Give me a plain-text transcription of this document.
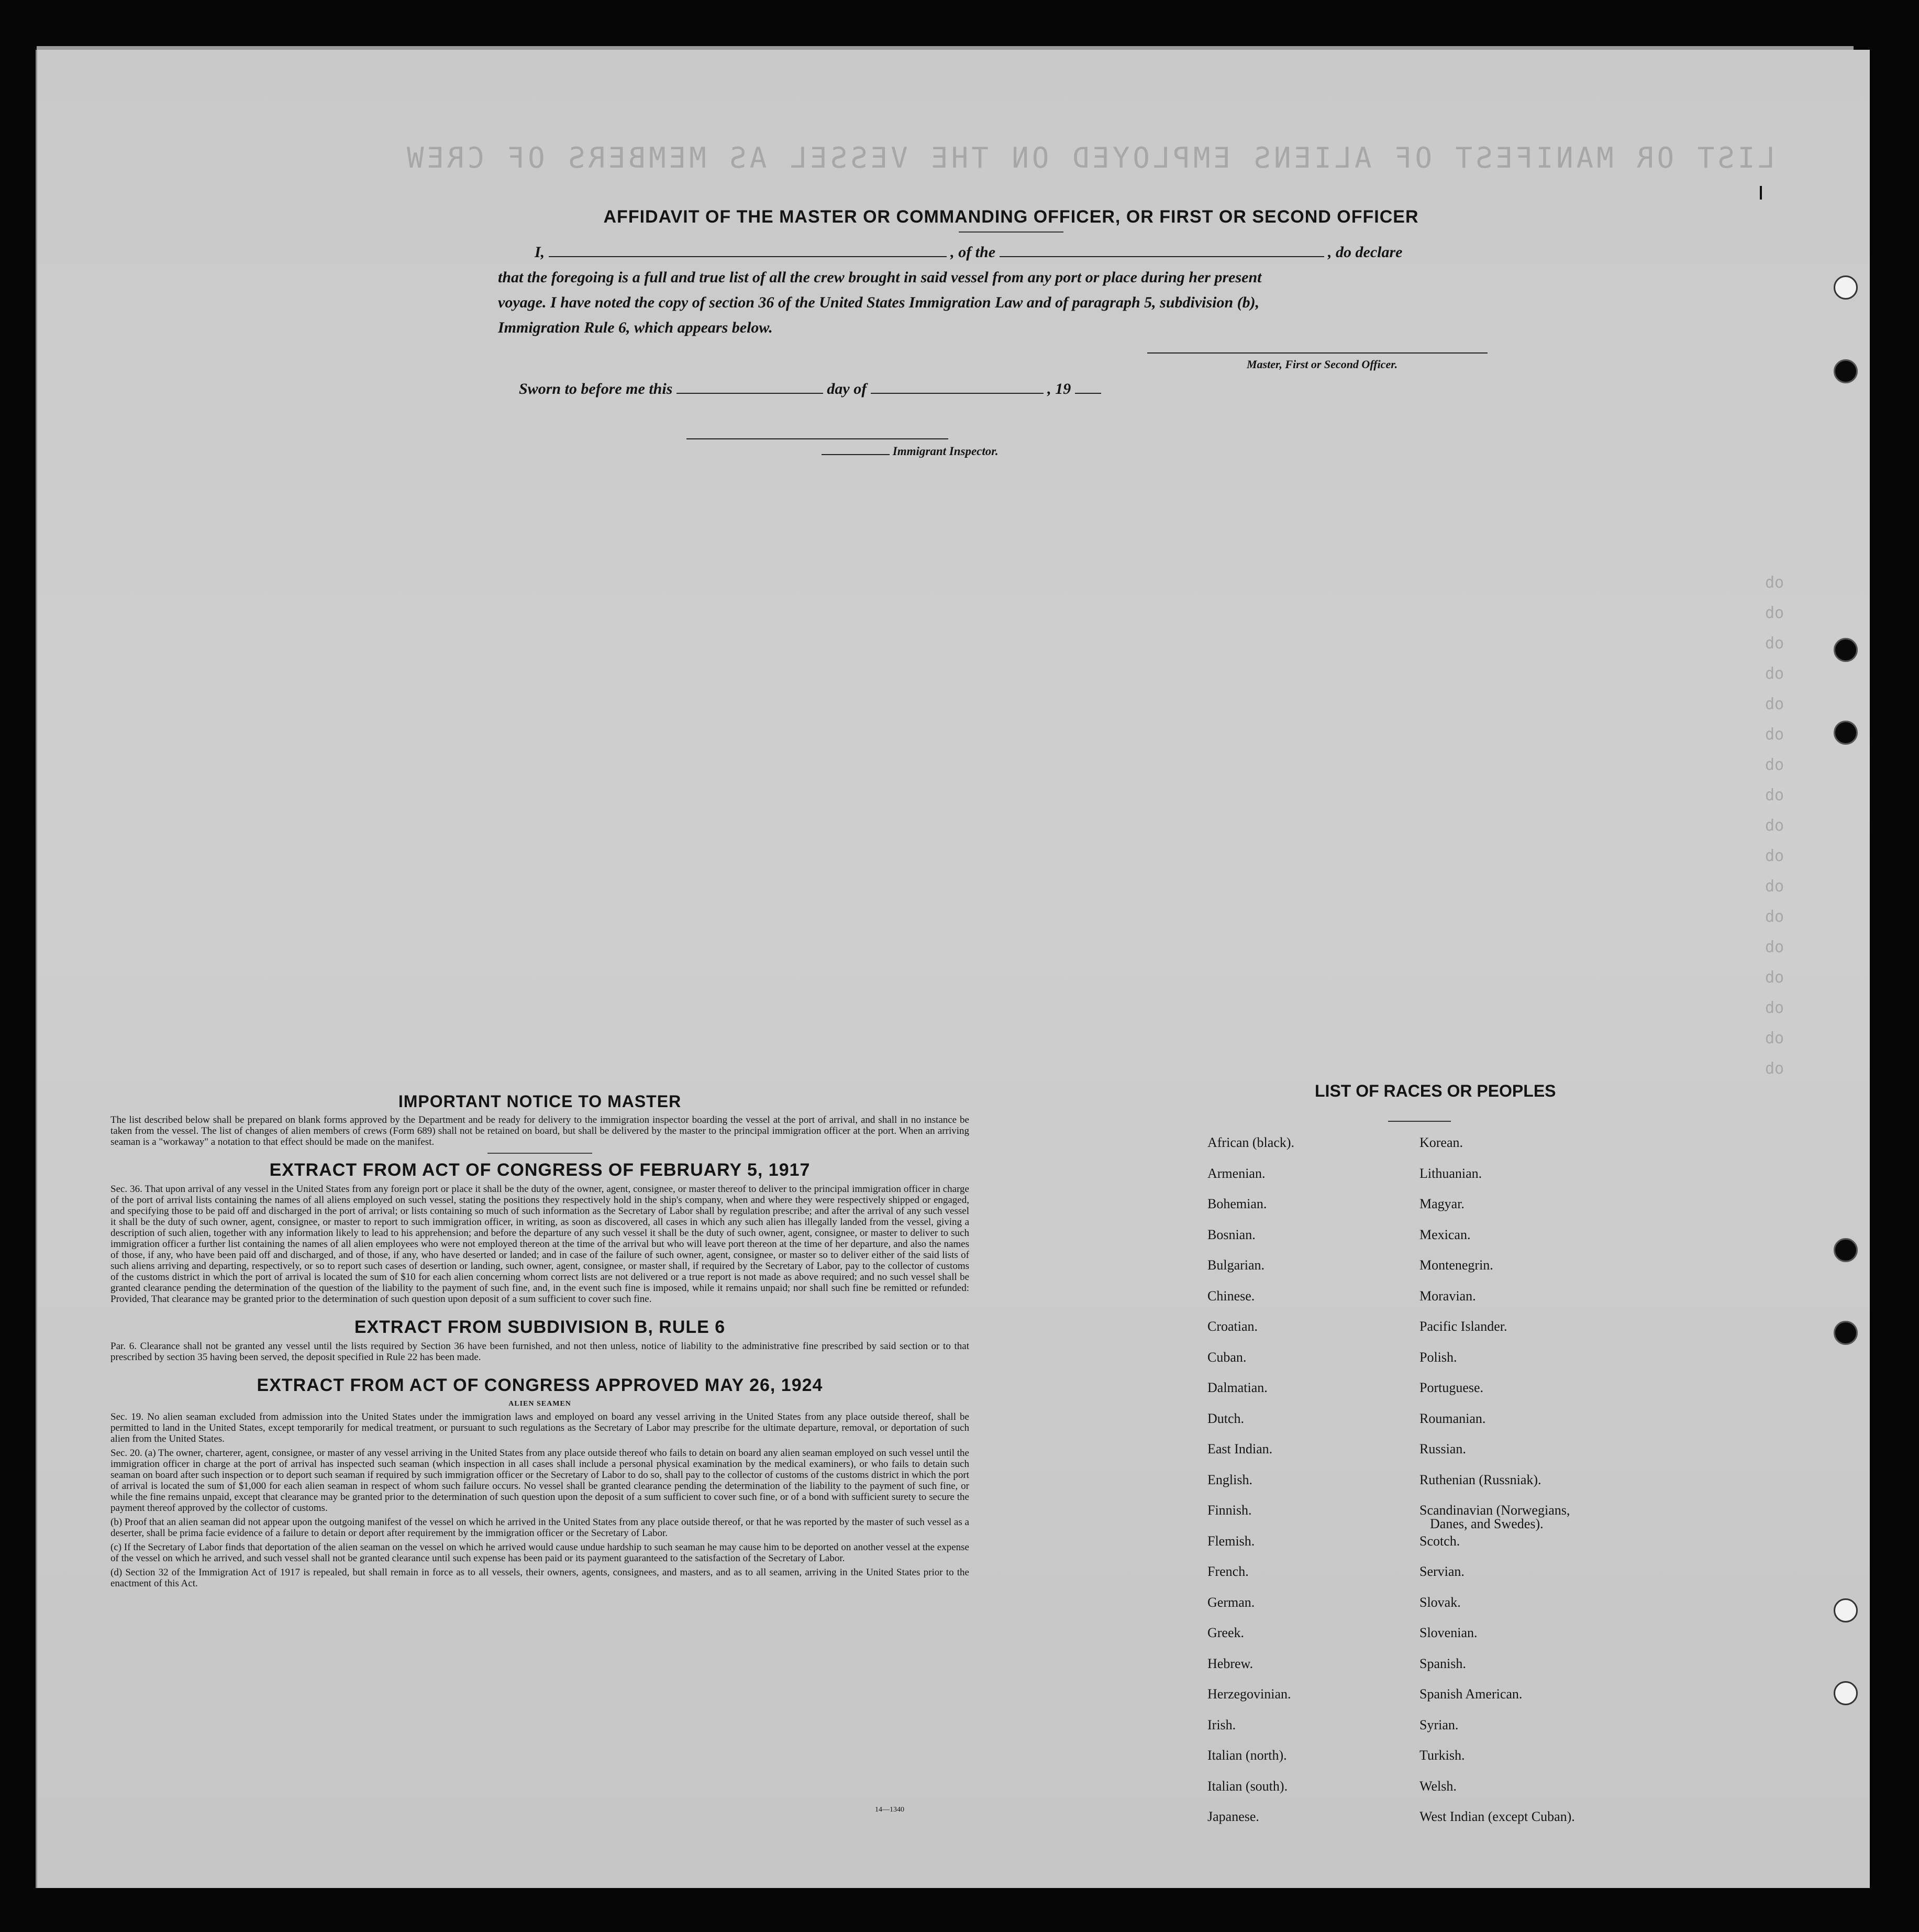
LIST OR MANIFEST OF ALIENS EMPLOYED ON THE VESSEL AS MEMBERS OF CREW
do
do
do
do
do
do
do
do
do
do
do
do
do
do
do
do
do
AFFIDAVIT OF THE MASTER OR COMMANDING OFFICER, OR FIRST OR SECOND OFFICER
I,	, of the	, do declare
that the foregoing is a full and true list of all the crew brought in said vessel from any port or place during her present
voyage. I have noted the copy of section 36 of the United States Immigration Law and of paragraph 5, subdivision (b),
Immigration Rule 6, which appears below.
Master, First or Second Officer.
Sworn to before me this	day of	, 19
Immigrant Inspector.

IMPORTANT NOTICE TO MASTER

The list described below shall be prepared on blank forms approved by the Department and be ready for delivery to the immigration inspector boarding the vessel at the port of arrival, and shall in no instance be taken from the vessel. The list of changes of alien members of crews (Form 689) shall not be retained on board, but shall be delivered by the master to the principal immigration officer at the port. When an arriving seaman is a "workaway" a notation to that effect should be made on the manifest.

EXTRACT FROM ACT OF CONGRESS OF FEBRUARY 5, 1917

Sec. 36. That upon arrival of any vessel in the United States from any foreign port or place it shall be the duty of the owner, agent, consignee, or master thereof to deliver to the principal immigration officer in charge of the port of arrival lists containing the names of all aliens employed on such vessel, stating the positions they respectively hold in the ship's company, when and where they were respectively shipped or engaged, and specifying those to be paid off and discharged in the port of arrival; or lists containing so much of such information as the Secretary of Labor shall by regulation prescribe; and after the arrival of any such vessel it shall be the duty of such owner, agent, consignee, or master to report to such immigration officer, in writing, as soon as discovered, all cases in which any such alien has illegally landed from the vessel, giving a description of such alien, together with any information likely to lead to his apprehension; and before the departure of any such vessel it shall be the duty of such owner, agent, consignee, or master to deliver to such immigration officer a further list containing the names of all alien employees who were not employed thereon at the time of the arrival but who will leave port thereon at the time of her departure, and also the names of those, if any, who have been paid off and discharged, and of those, if any, who have deserted or landed; and in case of the failure of such owner, agent, consignee, or master so to deliver either of the said lists of such aliens arriving and departing, respectively, or so to report such cases of desertion or landing, such owner, agent, consignee, or master shall, if required by the Secretary of Labor, pay to the collector of customs of the customs district in which the port of arrival is located the sum of $10 for each alien concerning whom correct lists are not delivered or a true report is not made as above required; and no such vessel shall be granted clearance pending the determination of the question of the liability to the payment of such fine, and, in the event such fine is imposed, while it remains unpaid; nor shall such fine be remitted or refunded: Provided, That clearance may be granted prior to the determination of such question upon deposit of a sum sufficient to cover such fine.

EXTRACT FROM SUBDIVISION B, RULE 6

Par. 6. Clearance shall not be granted any vessel until the lists required by Section 36 have been furnished, and not then unless, notice of liability to the administrative fine prescribed by said section or to that prescribed by section 35 having been served, the deposit specified in Rule 22 has been made.

EXTRACT FROM ACT OF CONGRESS APPROVED MAY 26, 1924

ALIEN SEAMEN

Sec. 19. No alien seaman excluded from admission into the United States under the immigration laws and employed on board any vessel arriving in the United States from any place outside thereof, shall be permitted to land in the United States, except temporarily for medical treatment, or pursuant to such regulations as the Secretary of Labor may prescribe for the ultimate departure, removal, or deportation of such alien from the United States.

Sec. 20. (a) The owner, charterer, agent, consignee, or master of any vessel arriving in the United States from any place outside thereof who fails to detain on board any alien seaman employed on such vessel until the immigration officer in charge at the port of arrival has inspected such seaman (which inspection in all cases shall include a personal physical examination by the medical examiners), or who fails to detain such seaman on board after such inspection or to deport such seaman if required by such immigration officer or the Secretary of Labor to do so, shall pay to the collector of customs of the customs district in which the port of arrival is located the sum of $1,000 for each alien seaman in respect of whom such failure occurs. No vessel shall be granted clearance pending the determination of the liability to the payment of such fine, or while the fine remains unpaid, except that clearance may be granted prior to the determination of such question upon the deposit of a sum sufficient to cover such fine, or of a bond with sufficient surety to secure the payment thereof approved by the collector of customs.

(b) Proof that an alien seaman did not appear upon the outgoing manifest of the vessel on which he arrived in the United States from any place outside thereof, or that he was reported by the master of such vessel as a deserter, shall be prima facie evidence of a failure to detain or deport after requirement by the immigration officer or the Secretary of Labor.

(c) If the Secretary of Labor finds that deportation of the alien seaman on the vessel on which he arrived would cause undue hardship to such seaman he may cause him to be deported on another vessel at the expense of the vessel on which he arrived, and such vessel shall not be granted clearance until such expense has been paid or its payment guaranteed to the satisfaction of the Secretary of Labor.

(d) Section 32 of the Immigration Act of 1917 is repealed, but shall remain in force as to all vessels, their owners, agents, consignees, and masters, and as to all seamen, arriving in the United States prior to the enactment of this Act.

14—1340
LIST OF RACES OR PEOPLES
African (black).
Armenian.
Bohemian.
Bosnian.
Bulgarian.
Chinese.
Croatian.
Cuban.
Dalmatian.
Dutch.
East Indian.
English.
Finnish.
Flemish.
French.
German.
Greek.
Hebrew.
Herzegovinian.
Irish.
Italian (north).
Italian (south).
Japanese.
Korean.
Lithuanian.
Magyar.
Mexican.
Montenegrin.
Moravian.
Pacific Islander.
Polish.
Portuguese.
Roumanian.
Russian.
Ruthenian (Russniak).
Scandinavian (Norwegians,
Danes, and Swedes).
Scotch.
Servian.
Slovak.
Slovenian.
Spanish.
Spanish American.
Syrian.
Turkish.
Welsh.
West Indian (except Cuban).
